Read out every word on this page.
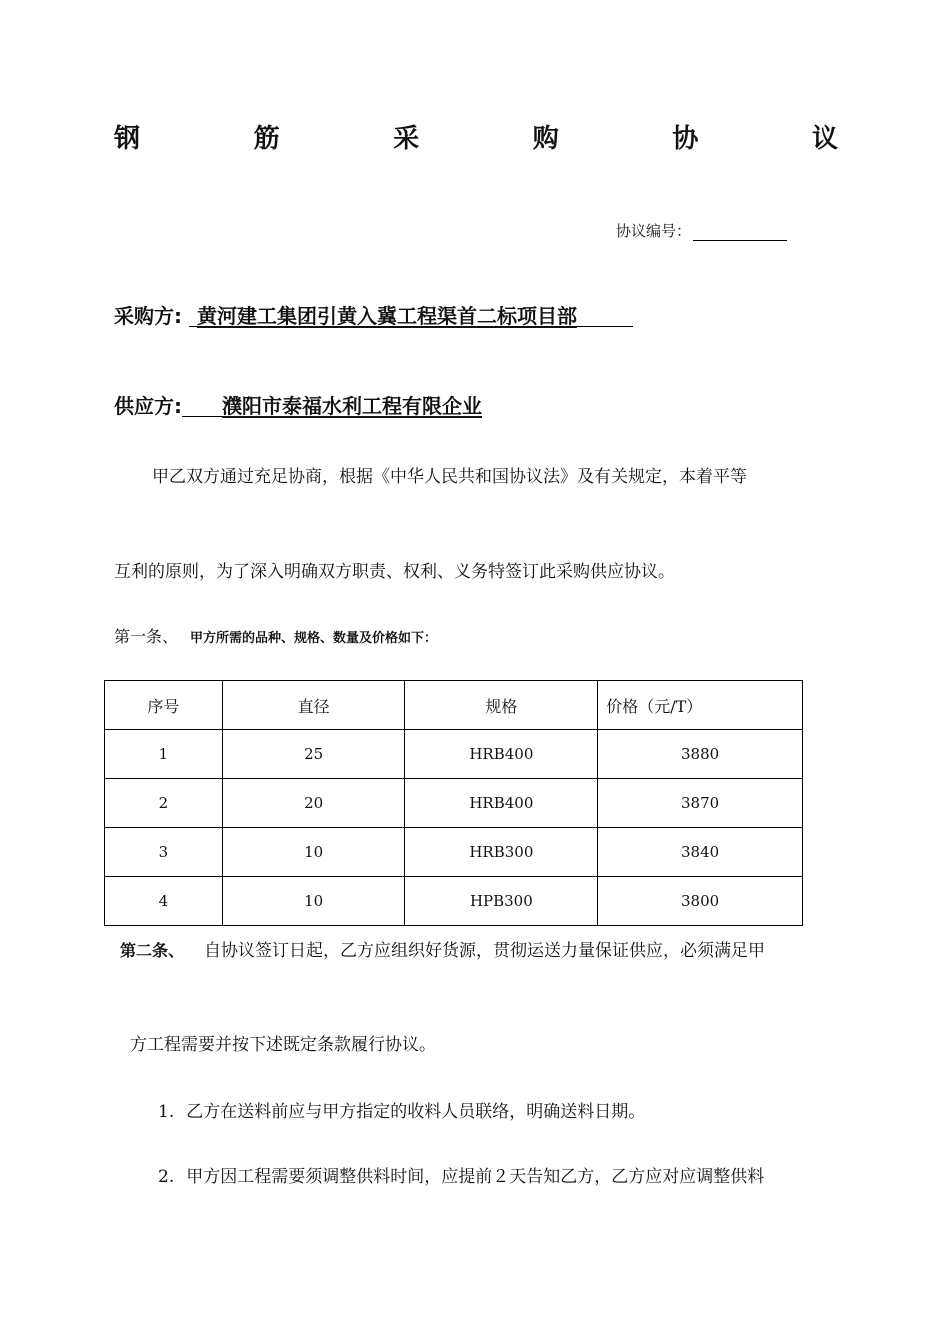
钢	筋	采	购	协	议
协议编号：
采购方: 黄河建工集团引黄入冀工程渠首二标项目部
供应方: 濮阳市泰福水利工程有限企业
甲乙双方通过充足协商，根据《中华人民共和国协议法》及有关规定，本着平等
互利的原则，为了深入明确双方职责、权利、义务特签订此采购供应协议。
第一条、 甲方所需的品种、规格、数量及价格如下：
序号	直径	规格	价格（元/T）
1	25	HRB400	3880
2	20	HRB400	3870
3	10	HRB300	3840
4	10	HPB300	3800
第二条、 自协议签订日起，乙方应组织好货源，贯彻运送力量保证供应，必须满足甲
方工程需要并按下述既定条款履行协议。
1. 乙方在送料前应与甲方指定的收料人员联络，明确送料日期。
2. 甲方因工程需要须调整供料时间，应提前２天告知乙方，乙方应对应调整供料
